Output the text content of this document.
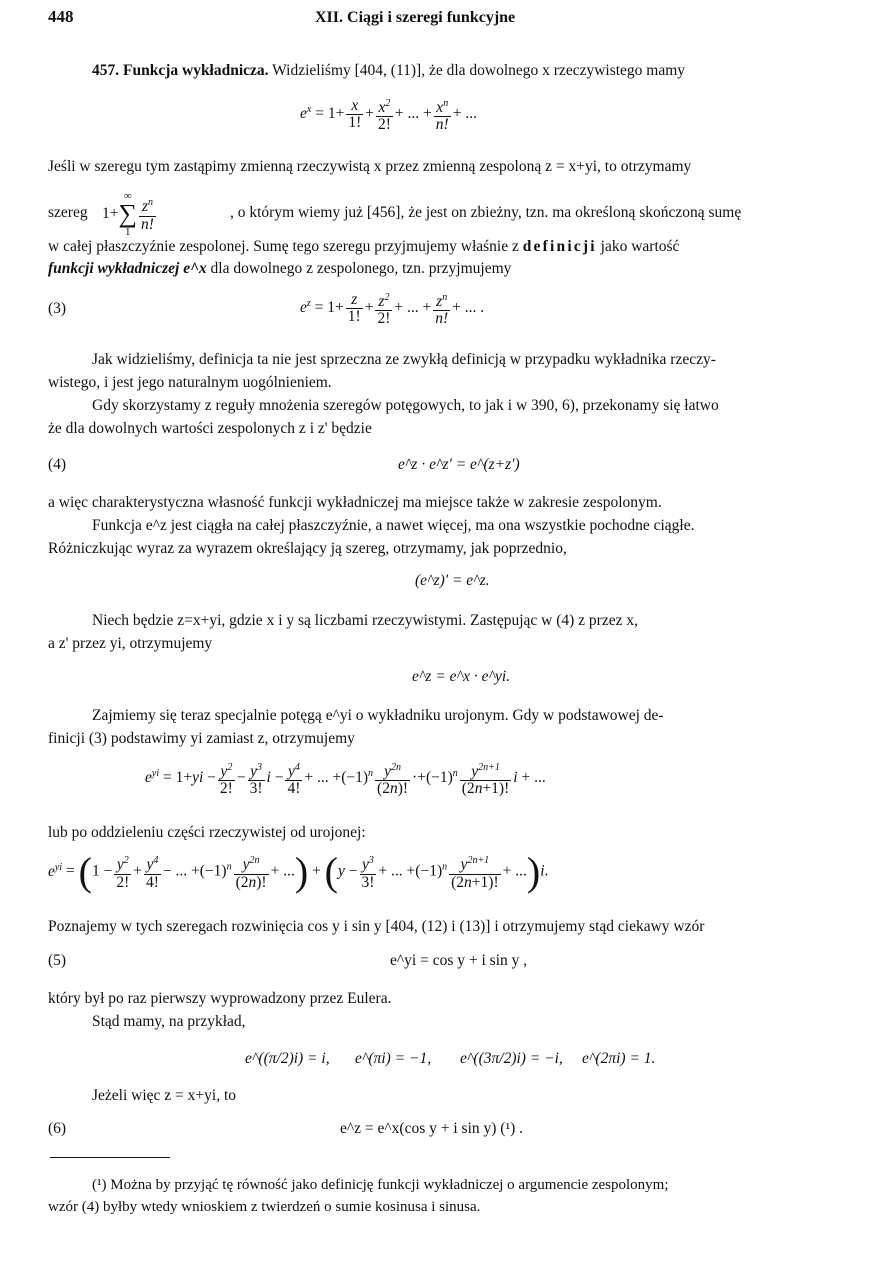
448	XII. Ciągi i szeregi funkcyjne
457. Funkcja wykładnicza. Widzieliśmy [404, (11)], że dla dowolnego x rzeczywistego mamy
$e^x = 1+ \frac{x}{1!} + \frac{x^2}{2!}$ + ... + $\frac{x^n}{n!}$ + ...
Jeśli w szeregu tym zastąpimy zmienną rzeczywistą x przez zmienną zespoloną z = x+yi, to otrzymamy
szereg 1+∞
∑
$1 \frac{z^n}{n!}$	, o którym wiemy już [456], że jest on zbieżny, tzn. ma określoną skończoną sumę
w całej płaszczyźnie zespolonej. Sumę tego szeregu przyjmujemy właśnie z definicji jako wartość
funkcji wykładniczej e^x dla dowolnego z zespolonego, tzn. przyjmujemy
(3)	$e^z = 1+ \frac{z}{1!} + \frac{z^2}{2!}$ + ... + $\frac{z^n}{n!}$ + ... .
Jak widzieliśmy, definicja ta nie jest sprzeczna ze zwykłą definicją w przypadku wykładnika rzeczy-
wistego, i jest jego naturalnym uogólnieniem.
Gdy skorzystamy z reguły mnożenia szeregów potęgowych, to jak i w 390, 6), przekonamy się łatwo
że dla dowolnych wartości zespolonych z i z' będzie
(4)	e^z · e^z' = e^(z+z')
a więc charakterystyczna własność funkcji wykładniczej ma miejsce także w zakresie zespolonym.
Funkcja e^z jest ciągła na całej płaszczyźnie, a nawet więcej, ma ona wszystkie pochodne ciągłe.
Różniczkując wyraz za wyrazem określający ją szereg, otrzymamy, jak poprzednio,
(e^z)' = e^z.
Niech będzie z=x+yi, gdzie x i y są liczbami rzeczywistymi. Zastępując w (4) z przez x,
a z' przez yi, otrzymujemy
e^z = e^x · e^yi.
Zajmiemy się teraz specjalnie potęgą e^yi o wykładniku urojonym. Gdy w podstawowej de-
finicji (3) podstawimy yi zamiast z, otrzymujemy
$e^{yi} = 1+yi - \frac{y^2}{2!} - \frac{y^3}{3!}$ $i - \frac{y^4}{4!}$ + ... $+(-1)^n \frac{y^{2n}}{(2n)!} \cdot+(-1)^n \frac{y^{2n+1}}{(2n+1)!}$ i + ...
lub po oddzieleniu części rzeczywistej od urojonej:
$e^{yi} = (1 - \frac{y^2}{2!} + \frac{y^4}{4!}$ − ... $+(-1)^n \frac{y^{2n}}{(2n)!}$ + ...) + ($y - \frac{y^3}{3!}$ + ... $+(-1)^n \frac{y^{2n+1}}{(2n+1)!} + ...)i$.
Poznajemy w tych szeregach rozwinięcia cos y i sin y [404, (12) i (13)] i otrzymujemy stąd ciekawy wzór
(5)	e^yi = cos y + i sin y ,
który był po raz pierwszy wyprowadzony przez Eulera.
Stąd mamy, na przykład,
e^((π/2)i) = i, e^(πi) = −1, e^((3π/2)i) = −i, e^(2πi) = 1.
Jeżeli więc z = x+yi, to
(6)	e^z = e^x(cos y + i sin y) (¹) .
(¹) Można by przyjąć tę równość jako definicję funkcji wykładniczej o argumencie zespolonym;
wzór (4) byłby wtedy wnioskiem z twierdzeń o sumie kosinusa i sinusa.
